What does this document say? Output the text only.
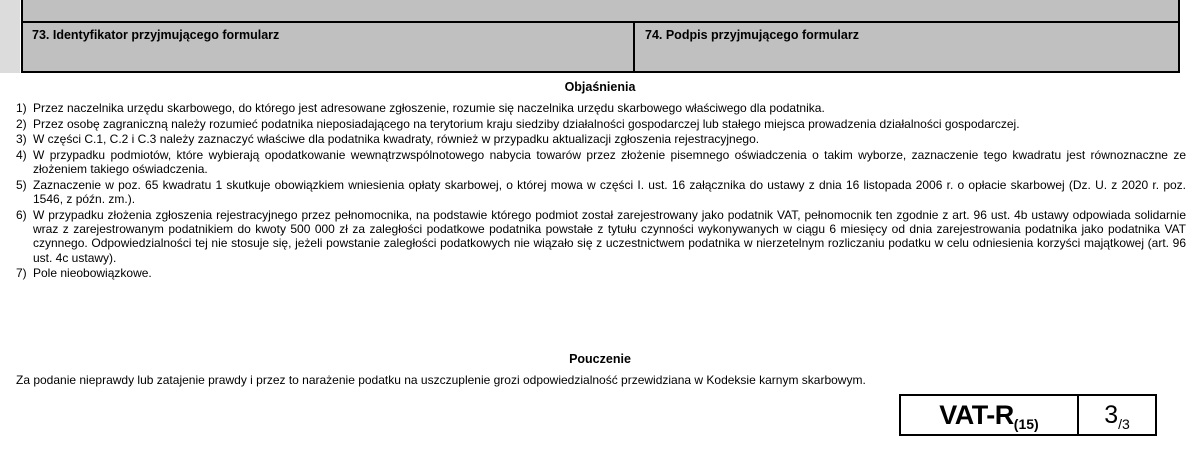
73. Identyfikator przyjmującego formularz	74. Podpis przyjmującego formularz
Objaśnienia
1) Przez naczelnika urzędu skarbowego, do którego jest adresowane zgłoszenie, rozumie się naczelnika urzędu skarbowego właściwego dla podatnika.
2) Przez osobę zagraniczną należy rozumieć podatnika nieposiadającego na terytorium kraju siedziby działalności gospodarczej lub stałego miejsca prowadzenia działalności gospodarczej.
3) W części C.1, C.2 i C.3 należy zaznaczyć właściwe dla podatnika kwadraty, również w przypadku aktualizacji zgłoszenia rejestracyjnego.
4) W przypadku podmiotów, które wybierają opodatkowanie wewnątrzwspólnotowego nabycia towarów przez złożenie pisemnego oświadczenia o takim wyborze, zaznaczenie tego kwadratu jest równoznaczne ze złożeniem takiego oświadczenia.
5) Zaznaczenie w poz. 65 kwadratu 1 skutkuje obowiązkiem wniesienia opłaty skarbowej, o której mowa w części I. ust. 16 załącznika do ustawy z dnia 16 listopada 2006 r. o opłacie skarbowej (Dz. U. z 2020 r. poz. 1546, z późn. zm.).
6) W przypadku złożenia zgłoszenia rejestracyjnego przez pełnomocnika, na podstawie którego podmiot został zarejestrowany jako podatnik VAT, pełnomocnik ten zgodnie z art. 96 ust. 4b ustawy odpowiada solidarnie wraz z zarejestrowanym podatnikiem do kwoty 500 000 zł za zaległości podatkowe podatnika powstałe z tytułu czynności wykonywanych w ciągu 6 miesięcy od dnia zarejestrowania podatnika jako podatnika VAT czynnego. Odpowiedzialności tej nie stosuje się, jeżeli powstanie zaległości podatkowych nie wiązało się z uczestnictwem podatnika w nierzetelnym rozliczaniu podatku w celu odniesienia korzyści majątkowej (art. 96 ust. 4c ustawy).
7) Pole nieobowiązkowe.
Pouczenie
Za podanie nieprawdy lub zatajenie prawdy i przez to narażenie podatku na uszczuplenie grozi odpowiedzialność przewidziana w Kodeksie karnym skarbowym.
VAT-R (15)	3 /3
